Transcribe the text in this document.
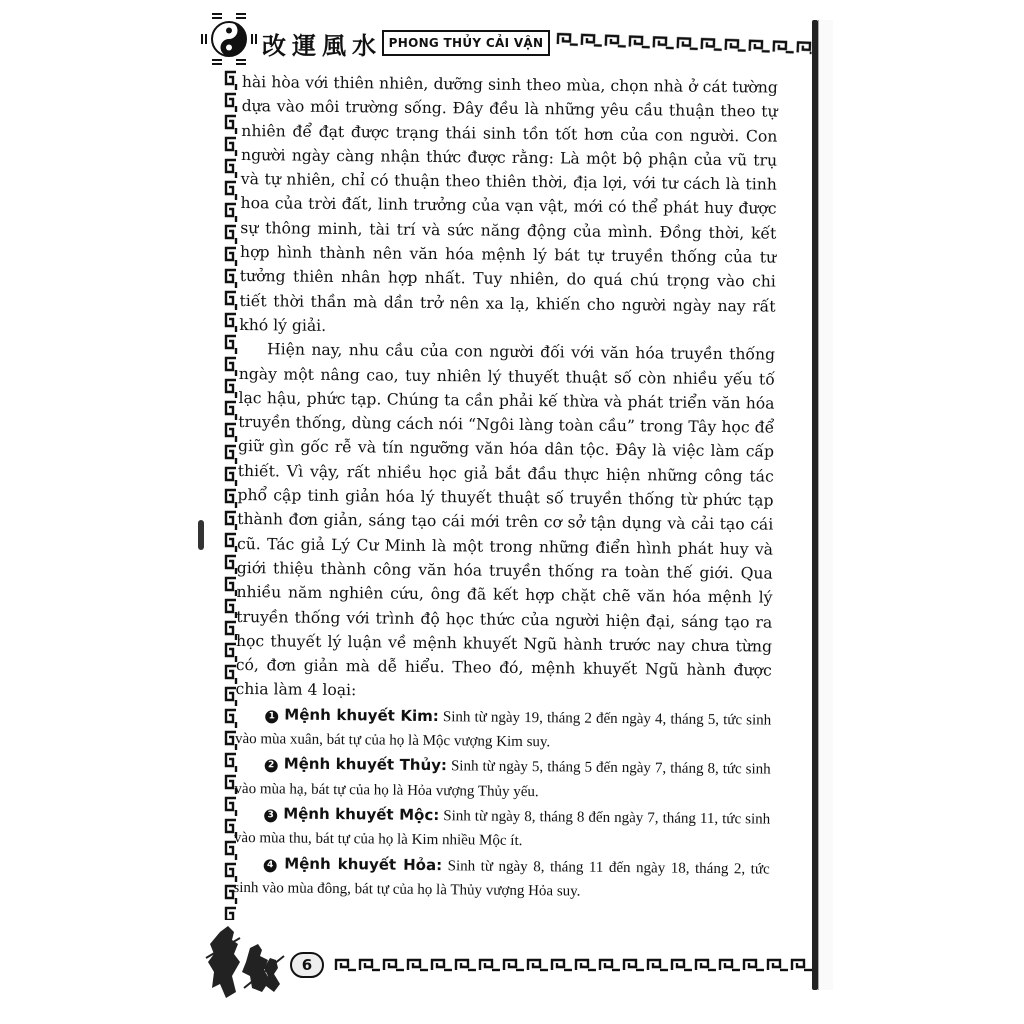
改運風水 PHONG THỦY CẢI VẬN

hài hòa với thiên nhiên, dưỡng sinh theo mùa, chọn nhà ở cát tường dựa vào môi trường sống. Đây đều là những yêu cầu thuận theo tự nhiên để đạt được trạng thái sinh tồn tốt hơn của con người. Con người ngày càng nhận thức được rằng: Là một bộ phận của vũ trụ và tự nhiên, chỉ có thuận theo thiên thời, địa lợi, với tư cách là tinh hoa của trời đất, linh trưởng của vạn vật, mới có thể phát huy được sự thông minh, tài trí và sức năng động của mình. Đồng thời, kết hợp hình thành nên văn hóa mệnh lý bát tự truyền thống của tư tưởng thiên nhân hợp nhất. Tuy nhiên, do quá chú trọng vào chi tiết thời thần mà dần trở nên xa lạ, khiến cho người ngày nay rất khó lý giải.

Hiện nay, nhu cầu của con người đối với văn hóa truyền thống ngày một nâng cao, tuy nhiên lý thuyết thuật số còn nhiều yếu tố lạc hậu, phức tạp. Chúng ta cần phải kế thừa và phát triển văn hóa truyền thống, dùng cách nói “Ngôi làng toàn cầu” trong Tây học để giữ gìn gốc rễ và tín ngưỡng văn hóa dân tộc. Đây là việc làm cấp thiết. Vì vậy, rất nhiều học giả bắt đầu thực hiện những công tác phổ cập tinh giản hóa lý thuyết thuật số truyền thống từ phức tạp thành đơn giản, sáng tạo cái mới trên cơ sở tận dụng và cải tạo cái cũ. Tác giả Lý Cư Minh là một trong những điển hình phát huy và giới thiệu thành công văn hóa truyền thống ra toàn thế giới. Qua nhiều năm nghiên cứu, ông đã kết hợp chặt chẽ văn hóa mệnh lý truyền thống với trình độ học thức của người hiện đại, sáng tạo ra học thuyết lý luận về mệnh khuyết Ngũ hành trước nay chưa từng có, đơn giản mà dễ hiểu. Theo đó, mệnh khuyết Ngũ hành được chia làm 4 loại:

1 Mệnh khuyết Kim: Sinh từ ngày 19, tháng 2 đến ngày 4, tháng 5, tức sinh vào mùa xuân, bát tự của họ là Mộc vượng Kim suy.

2 Mệnh khuyết Thủy: Sinh từ ngày 5, tháng 5 đến ngày 7, tháng 8, tức sinh vào mùa hạ, bát tự của họ là Hỏa vượng Thủy yếu.

3 Mệnh khuyết Mộc: Sinh từ ngày 8, tháng 8 đến ngày 7, tháng 11, tức sinh vào mùa thu, bát tự của họ là Kim nhiều Mộc ít.

4 Mệnh khuyết Hỏa: Sinh từ ngày 8, tháng 11 đến ngày 18, tháng 2, tức sinh vào mùa đông, bát tự của họ là Thủy vượng Hỏa suy.

6
